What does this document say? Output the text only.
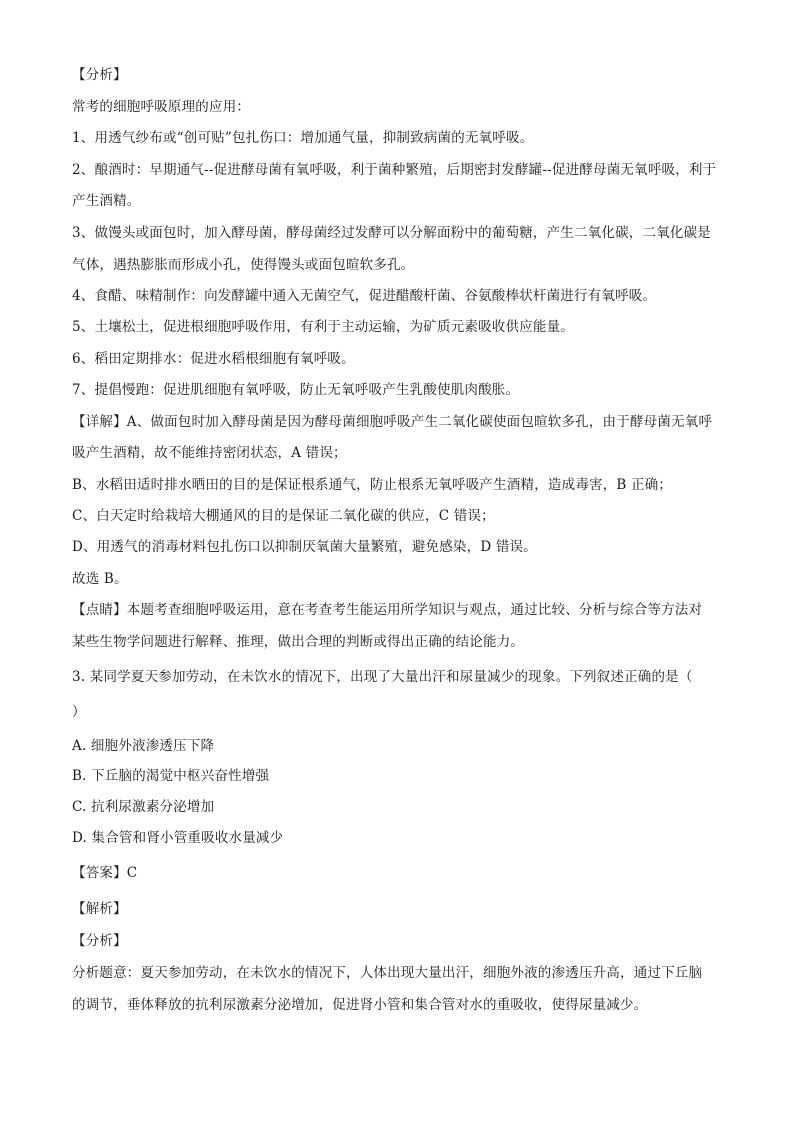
【分析】
常考的细胞呼吸原理的应用：
1、用透气纱布或“创可贴”包扎伤口：增加通气量，抑制致病菌的无氧呼吸。
2、酿酒时：早期通气--促进酵母菌有氧呼吸，利于菌种繁殖，后期密封发酵罐--促进酵母菌无氧呼吸，利于
产生酒精。
3、做馒头或面包时，加入酵母菌，酵母菌经过发酵可以分解面粉中的葡萄糖，产生二氧化碳，二氧化碳是
气体，遇热膨胀而形成小孔，使得馒头或面包暄软多孔。
4、食醋、味精制作：向发酵罐中通入无菌空气，促进醋酸杆菌、谷氨酸棒状杆菌进行有氧呼吸。
5、土壤松土，促进根细胞呼吸作用，有利于主动运输，为矿质元素吸收供应能量。
6、稻田定期排水：促进水稻根细胞有氧呼吸。
7、提倡慢跑：促进肌细胞有氧呼吸，防止无氧呼吸产生乳酸使肌肉酸胀。
【详解】A、做面包时加入酵母菌是因为酵母菌细胞呼吸产生二氧化碳使面包暄软多孔，由于酵母菌无氧呼
吸产生酒精，故不能维持密闭状态，A 错误；
B、水稻田适时排水晒田的目的是保证根系通气，防止根系无氧呼吸产生酒精，造成毒害，B 正确；
C、白天定时给栽培大棚通风的目的是保证二氧化碳的供应，C 错误；
D、用透气的消毒材料包扎伤口以抑制厌氧菌大量繁殖，避免感染，D 错误。
故选 B。
【点睛】本题考查细胞呼吸运用，意在考查考生能运用所学知识与观点，通过比较、分析与综合等方法对
某些生物学问题进行解释、推理，做出合理的判断或得出正确的结论能力。
3. 某同学夏天参加劳动，在未饮水的情况下，出现了大量出汗和尿量减少的现象。下列叙述正确的是（
）
A. 细胞外液渗透压下降
B. 下丘脑的渴觉中枢兴奋性增强
C. 抗利尿激素分泌增加
D. 集合管和肾小管重吸收水量减少
【答案】C
【解析】
【分析】
分析题意：夏天参加劳动，在未饮水的情况下，人体出现大量出汗，细胞外液的渗透压升高，通过下丘脑
的调节，垂体释放的抗利尿激素分泌增加，促进肾小管和集合管对水的重吸收，使得尿量减少。
